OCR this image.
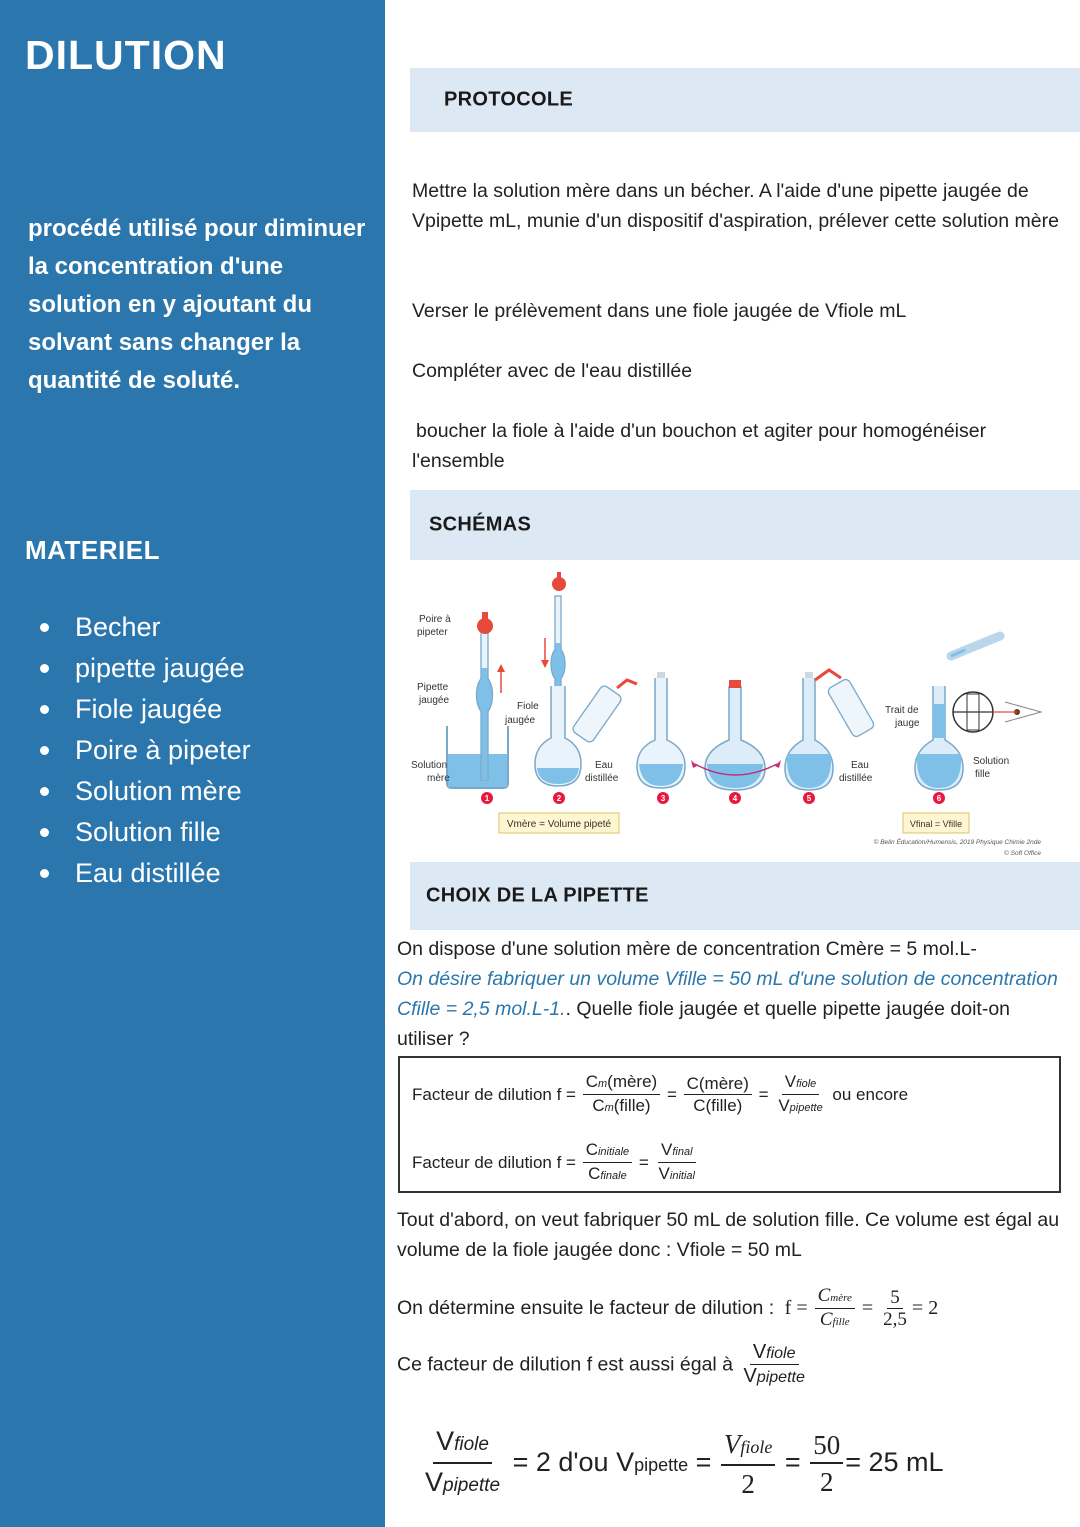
DILUTION
procédé utilisé pour diminuer la concentration d'une solution en y ajoutant du solvant sans changer la quantité de soluté.
MATERIEL
Becher
pipette jaugée
Fiole jaugée
Poire à pipeter
Solution mère
Solution fille
Eau distillée
PROTOCOLE
Mettre la solution mère dans un bécher. A l'aide d'une pipette jaugée de Vpipette mL, munie d'un dispositif d'aspiration, prélever cette solution mère
Verser le prélèvement dans une fiole jaugée de Vfiole mL
Compléter avec de l'eau distillée
boucher la fiole à l'aide d'un bouchon et agiter pour homogénéiser l'ensemble
SCHÉMAS
Poire à
pipeter
Pipette
jaugée
Solution
mère
Fiole
jaugée
Eau
distillée
Eau
distillée
Trait de
jauge
Solution
fille
1	2	3	4	5	6
Vmère = Volume pipeté	Vfinal = Vfille
© Belin Éducation/Humensis, 2019 Physique Chimie 2nde
© Soft Office
CHOIX DE LA PIPETTE
On dispose d'une solution mère de concentration Cmère = 5 mol.L-
On désire fabriquer un volume Vfille = 50 mL d'une solution de concentration Cfille = 2,5 mol.L-1.. Quelle fiole jaugée et quelle pipette jaugée doit-on utiliser ?
Facteur de dilution $f = \frac{\text{Cm(mère)}}{\text{Cm(fille)}} = \frac{\text{C(mère)}}{\text{C(fille)}} = \frac{\text{Vfiole}}{\text{Vpipette}}$ ou encore
Facteur de dilution $f = \frac{\text{Cinitiale}}{\text{Cfinale}} = \frac{\text{Vfinal}}{\text{Vinitial}}$
Tout d'abord, on veut fabriquer 50 mL de solution fille. Ce volume est égal au volume de la fiole jaugée donc : Vfiole = 50 mL
On détermine ensuite le facteur de dilution :  $f = \frac{\text{Cmère}}{\text{Cfille}} = \frac{5}{2,5} = 2$
Ce facteur de dilution f est aussi égal à $\frac{\text{Vfiole}}{\text{Vpipette}}$
$\frac{\text{Vfiole}}{\text{Vpipette}} = 2$ d'ou Vpipette = $\frac{\text{Vfiole}}{2} = \frac{50}{2} = 25$ mL
